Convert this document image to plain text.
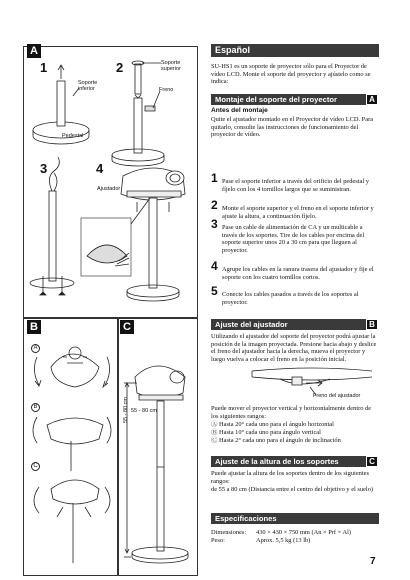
A
1	2
3	4
Soporte
superior
Soporte
inferior	Freno
Pedestal
Ajustador
B
A
B
C
C
55 - 80 cm 55 - 80 cm
Español
SU-HS1 es un soporte de proyector sólo para el Proyector de vídeo LCD. Monte el soporte del proyector y ajústelo como se indica:
Montaje del soporte del proyector	A
Antes del montaje
Quite el ajustador montado en el Proyector de vídeo LCD. Para quitarlo, consulte las instrucciones de funcionamiento del proyector de vídeo.
1 Pase el soporte inferior a través del orificio del pedestal y fíjelo con los 4 tornillos largos que se suministran.
2 Monte el soporte superior y el freno en el soporte inferior y ajuste la altura, a continuación fíjelo.
3 Pase un cable de alimentación de CA y un multicable a través de los soportes. Tire de los cables por encima del soporte superior unos 20 a 30 cm para que lleguen al proyector.
4 Agrupe los cables en la ranura trasera del ajustador y fije el soporte con los cuatro tornillos cortos.
5 Conecte los cables pasados a través de los soportes al proyector.
Ajuste del ajustador	B
Utilizando el ajustador del soporte del proyector podrá ajustar la posición de la imagen proyectada. Presione hacia abajo y deslice el freno del ajustador hacia la derecha, mueva el proyector y luego vuelva a colocar el freno en la posición inicial.
Freno del ajustador
Puede mover el proyector vertical y horizontalmente dentro de los siguientes rangos:
Ⓐ Hasta 20° cada uno para el ángulo horizontal
Ⓑ Hasta 10° cada uno para ángulo vertical
Ⓒ Hasta 2° cada uno para el ángulo de inclinación
Ajuste de la altura de los soportes	C
Puede ajustar la altura de los soportes dentro de los siguientes rangos:
de 55 a 80 cm (Distancia entre el centro del objetivo y el suelo)
Especificaciones
Dimensiones:	430 × 430 × 750 mm (An × Prf × Al)
Peso:	Aprox. 5,5 kg (13 lb)
7
